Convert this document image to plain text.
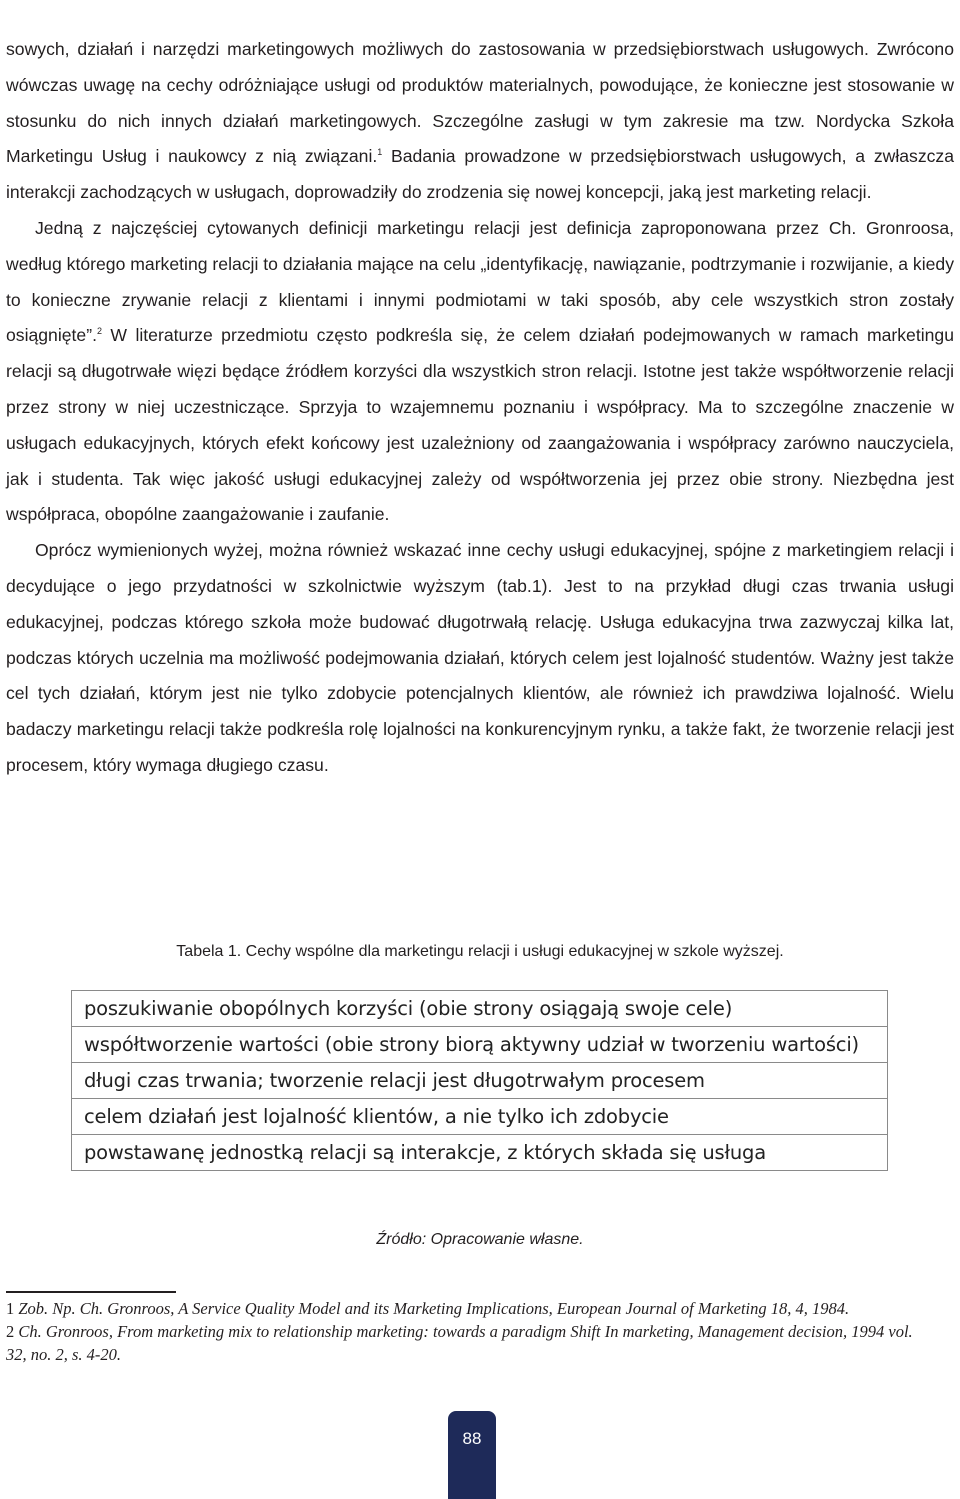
sowych, działań i narzędzi marketingowych możliwych do zastosowania w przedsiębiorstwach usługowych. Zwrócono wówczas uwagę na cechy odróżniające usługi od produktów materialnych, powodujące, że konieczne jest stosowanie w stosunku do nich innych działań marketingowych. Szczególne zasługi w tym zakresie ma tzw. Nordycka Szkoła Marketingu Usług i naukowcy z nią związani.$^1$ Badania prowadzone w przedsiębiorstwach usługowych, a zwłaszcza interakcji zachodzących w usługach, doprowadziły do zrodzenia się nowej koncepcji, jaką jest marketing relacji.

Jedną z najczęściej cytowanych definicji marketingu relacji jest definicja zaproponowana przez Ch. Gronroosa, według którego marketing relacji to działania mające na celu „identyfikację, nawiązanie, podtrzymanie i rozwijanie, a kiedy to konieczne zrywanie relacji z klientami i innymi podmiotami w taki sposób, aby cele wszystkich stron zostały osiągnięte”.$^2$ W literaturze przedmiotu często podkreśla się, że celem działań podejmowanych w ramach marketingu relacji są długotrwałe więzi będące źródłem korzyści dla wszystkich stron relacji. Istotne jest także współtworzenie relacji przez strony w niej uczestniczące. Sprzyja to wzajemnemu poznaniu i współpracy. Ma to szczególne znaczenie w usługach edukacyjnych, których efekt końcowy jest uzależniony od zaangażowania i współpracy zarówno nauczyciela, jak i studenta. Tak więc jakość usługi edukacyjnej zależy od współtworzenia jej przez obie strony. Niezbędna jest współpraca, obopólne zaangażowanie i zaufanie.

Oprócz wymienionych wyżej, można również wskazać inne cechy usługi edukacyjnej, spójne z marketingiem relacji i decydujące o jego przydatności w szkolnictwie wyższym (tab.1). Jest to na przykład długi czas trwania usługi edukacyjnej, podczas którego szkoła może budować długotrwałą relację. Usługa edukacyjna trwa zazwyczaj kilka lat, podczas których uczelnia ma możliwość podejmowania działań, których celem jest lojalność studentów. Ważny jest także cel tych działań, którym jest nie tylko zdobycie potencjalnych klientów, ale również ich prawdziwa lojalność. Wielu badaczy marketingu relacji także podkreśla rolę lojalności na konkurencyjnym rynku, a także fakt, że tworzenie relacji jest procesem, który wymaga długiego czasu.

Tabela 1. Cechy wspólne dla marketingu relacji i usługi edukacyjnej w szkole wyższej.
poszukiwanie obopólnych korzyści (obie strony osiągają swoje cele)
współtworzenie wartości (obie strony biorą aktywny udział w tworzeniu wartości)
długi czas trwania; tworzenie relacji jest długotrwałym procesem
celem działań jest lojalność klientów, a nie tylko ich zdobycie
powstawanę jednostką relacji są interakcje, z których składa się usługa
Źródło: Opracowanie własne.

1 Zob. Np. Ch. Gronroos, A Service Quality Model and its Marketing Implications, European Journal of Marketing 18, 4, 1984.

2 Ch. Gronroos, From marketing mix to relationship marketing: towards a paradigm Shift In marketing, Management decision, 1994 vol. 32, no. 2, s. 4-20.

88
